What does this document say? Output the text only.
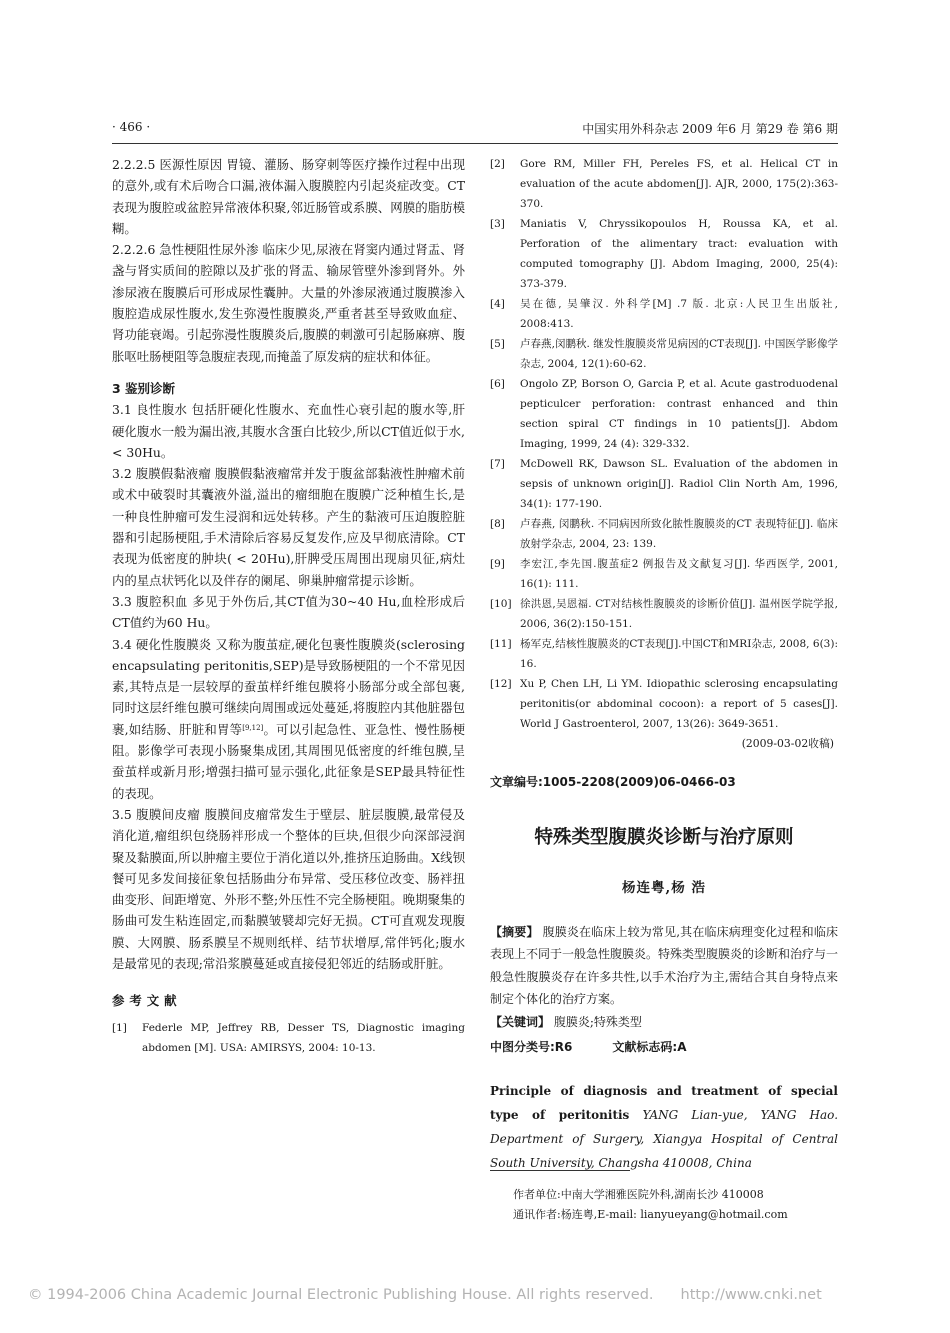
· 466 ·	中国实用外科杂志 2009 年6 月 第29 卷 第6 期

2.2.2.5 医源性原因 胃镜、灌肠、肠穿刺等医疗操作过程中出现的意外,或有术后吻合口漏,液体漏入腹膜腔内引起炎症改变。CT表现为腹腔或盆腔异常液体积聚,邻近肠管或系膜、网膜的脂肪模糊。

2.2.2.6 急性梗阻性尿外渗 临床少见,尿液在肾窦内通过肾盂、肾盏与肾实质间的腔隙以及扩张的肾盂、输尿管壁外渗到肾外。外渗尿液在腹膜后可形成尿性囊肿。大量的外渗尿液通过腹膜渗入腹腔造成尿性腹水,发生弥漫性腹膜炎,严重者甚至导致败血症、肾功能衰竭。引起弥漫性腹膜炎后,腹膜的刺激可引起肠麻痹、腹胀呕吐肠梗阻等急腹症表现,而掩盖了原发病的症状和体征。

3 鉴别诊断

3.1 良性腹水 包括肝硬化性腹水、充血性心衰引起的腹水等,肝硬化腹水一般为漏出液,其腹水含蛋白比较少,所以CT值近似于水,< 30Hu。

3.2 腹膜假黏液瘤 腹膜假黏液瘤常并发于腹盆部黏液性肿瘤术前或术中破裂时其囊液外溢,溢出的瘤细胞在腹膜广泛种植生长,是一种良性肿瘤可发生浸润和远处转移。产生的黏液可压迫腹腔脏器和引起肠梗阻,手术清除后容易反复发作,应及早彻底清除。CT表现为低密度的肿块( < 20Hu),肝脾受压周围出现扇贝征,病灶内的星点状钙化以及伴存的阑尾、卵巢肿瘤常提示诊断。

3.3 腹腔积血 多见于外伤后,其CT值为30~40 Hu,血栓形成后CT值约为60 Hu。

3.4 硬化性腹膜炎 又称为腹茧症,硬化包裹性腹膜炎(sclerosing encapsulating peritonitis,SEP)是导致肠梗阻的一个不常见因素,其特点是一层较厚的蚕茧样纤维包膜将小肠部分或全部包裹,同时这层纤维包膜可继续向周围或远处蔓延,将腹腔内其他脏器包裹,如结肠、肝脏和胃等[9,12]。可以引起急性、亚急性、慢性肠梗阻。影像学可表现小肠聚集成团,其周围见低密度的纤维包膜,呈蚕茧样或新月形;增强扫描可显示强化,此征象是SEP最具特征性的表现。

3.5 腹膜间皮瘤 腹膜间皮瘤常发生于壁层、脏层腹膜,最常侵及消化道,瘤组织包绕肠袢形成一个整体的巨块,但很少向深部浸润聚及黏膜面,所以肿瘤主要位于消化道以外,推挤压迫肠曲。X线钡餐可见多发间接征象包括肠曲分布异常、受压移位改变、肠袢扭曲变形、间距增宽、外形不整;外压性不完全肠梗阻。晚期聚集的肠曲可发生粘连固定,而黏膜皱襞却完好无损。CT可直观发现腹膜、大网膜、肠系膜呈不规则纸样、结节状增厚,常伴钙化;腹水是最常见的表现;常沿浆膜蔓延或直接侵犯邻近的结肠或肝脏。

参考文献

[1]	Federle MP, Jeffrey RB, Desser TS, Diagnostic imaging abdomen [M]. USA: AMIRSYS, 2004: 10-13.
[2]	Gore RM, Miller FH, Pereles FS, et al. Helical CT in evaluation of the acute abdomen[J]. AJR, 2000, 175(2):363-370.
[3]	Maniatis V, Chryssikopoulos H, Roussa KA, et al. Perforation of the alimentary tract: evaluation with computed tomography [J]. Abdom Imaging, 2000, 25(4): 373-379.
[4]	吴在德, 吴肇汉. 外科学[M] .7 版. 北京:人民卫生出版社, 2008:413.
[5]	卢春燕,闵鹏秋. 继发性腹膜炎常见病因的CT表现[J]. 中国医学影像学杂志, 2004, 12(1):60-62.
[6]	Ongolo ZP, Borson O, Garcia P, et al. Acute gastroduodenal pepticulcer perforation: contrast enhanced and thin section spiral CT findings in 10 patients[J]. Abdom Imaging, 1999, 24 (4): 329-332.
[7]	McDowell RK, Dawson SL. Evaluation of the abdomen in sepsis of unknown origin[J]. Radiol Clin North Am, 1996, 34(1): 177-190.
[8]	卢春燕, 闵鹏秋. 不同病因所致化脓性腹膜炎的CT 表现特征[J]. 临床放射学杂志, 2004, 23: 139.
[9]	李宏江,李先国.腹茧症2 例报告及文献复习[J]. 华西医学, 2001, 16(1): 111.
[10] 徐洪恩,吴恩福. CT对结核性腹膜炎的诊断价值[J]. 温州医学院学报, 2006, 36(2):150-151.
[11] 杨军克,结核性腹膜炎的CT表现[J].中国CT和MRI杂志, 2008, 6(3): 16.
[12] Xu P, Chen LH, Li YM. Idiopathic sclerosing encapsulating peritonitis(or abdominal cocoon): a report of 5 cases[J]. World J Gastroenterol, 2007, 13(26): 3649-3651.
(2009-03-02收稿)
文章编号:1005-2208(2009)06-0466-03
特殊类型腹膜炎诊断与治疗原则
杨连粤,杨 浩
【摘要】 腹膜炎在临床上较为常见,其在临床病理变化过程和临床表现上不同于一般急性腹膜炎。特殊类型腹膜炎的诊断和治疗与一般急性腹膜炎存在许多共性,以手术治疗为主,需结合其自身特点来制定个体化的治疗方案。
【关键词】 腹膜炎;特殊类型
中图分类号:R6	文献标志码:A
Principle of diagnosis and treatment of special type of peritonitis YANG Lian-yue, YANG Hao. Department of Surgery, Xiangya Hospital of Central South University, Changsha 410008, China
作者单位:中南大学湘雅医院外科,湖南长沙 410008
通讯作者:杨连粤,E-mail: lianyueyang@hotmail.com
© 1994-2006 China Academic Journal Electronic Publishing House. All rights reserved. http://www.cnki.net
